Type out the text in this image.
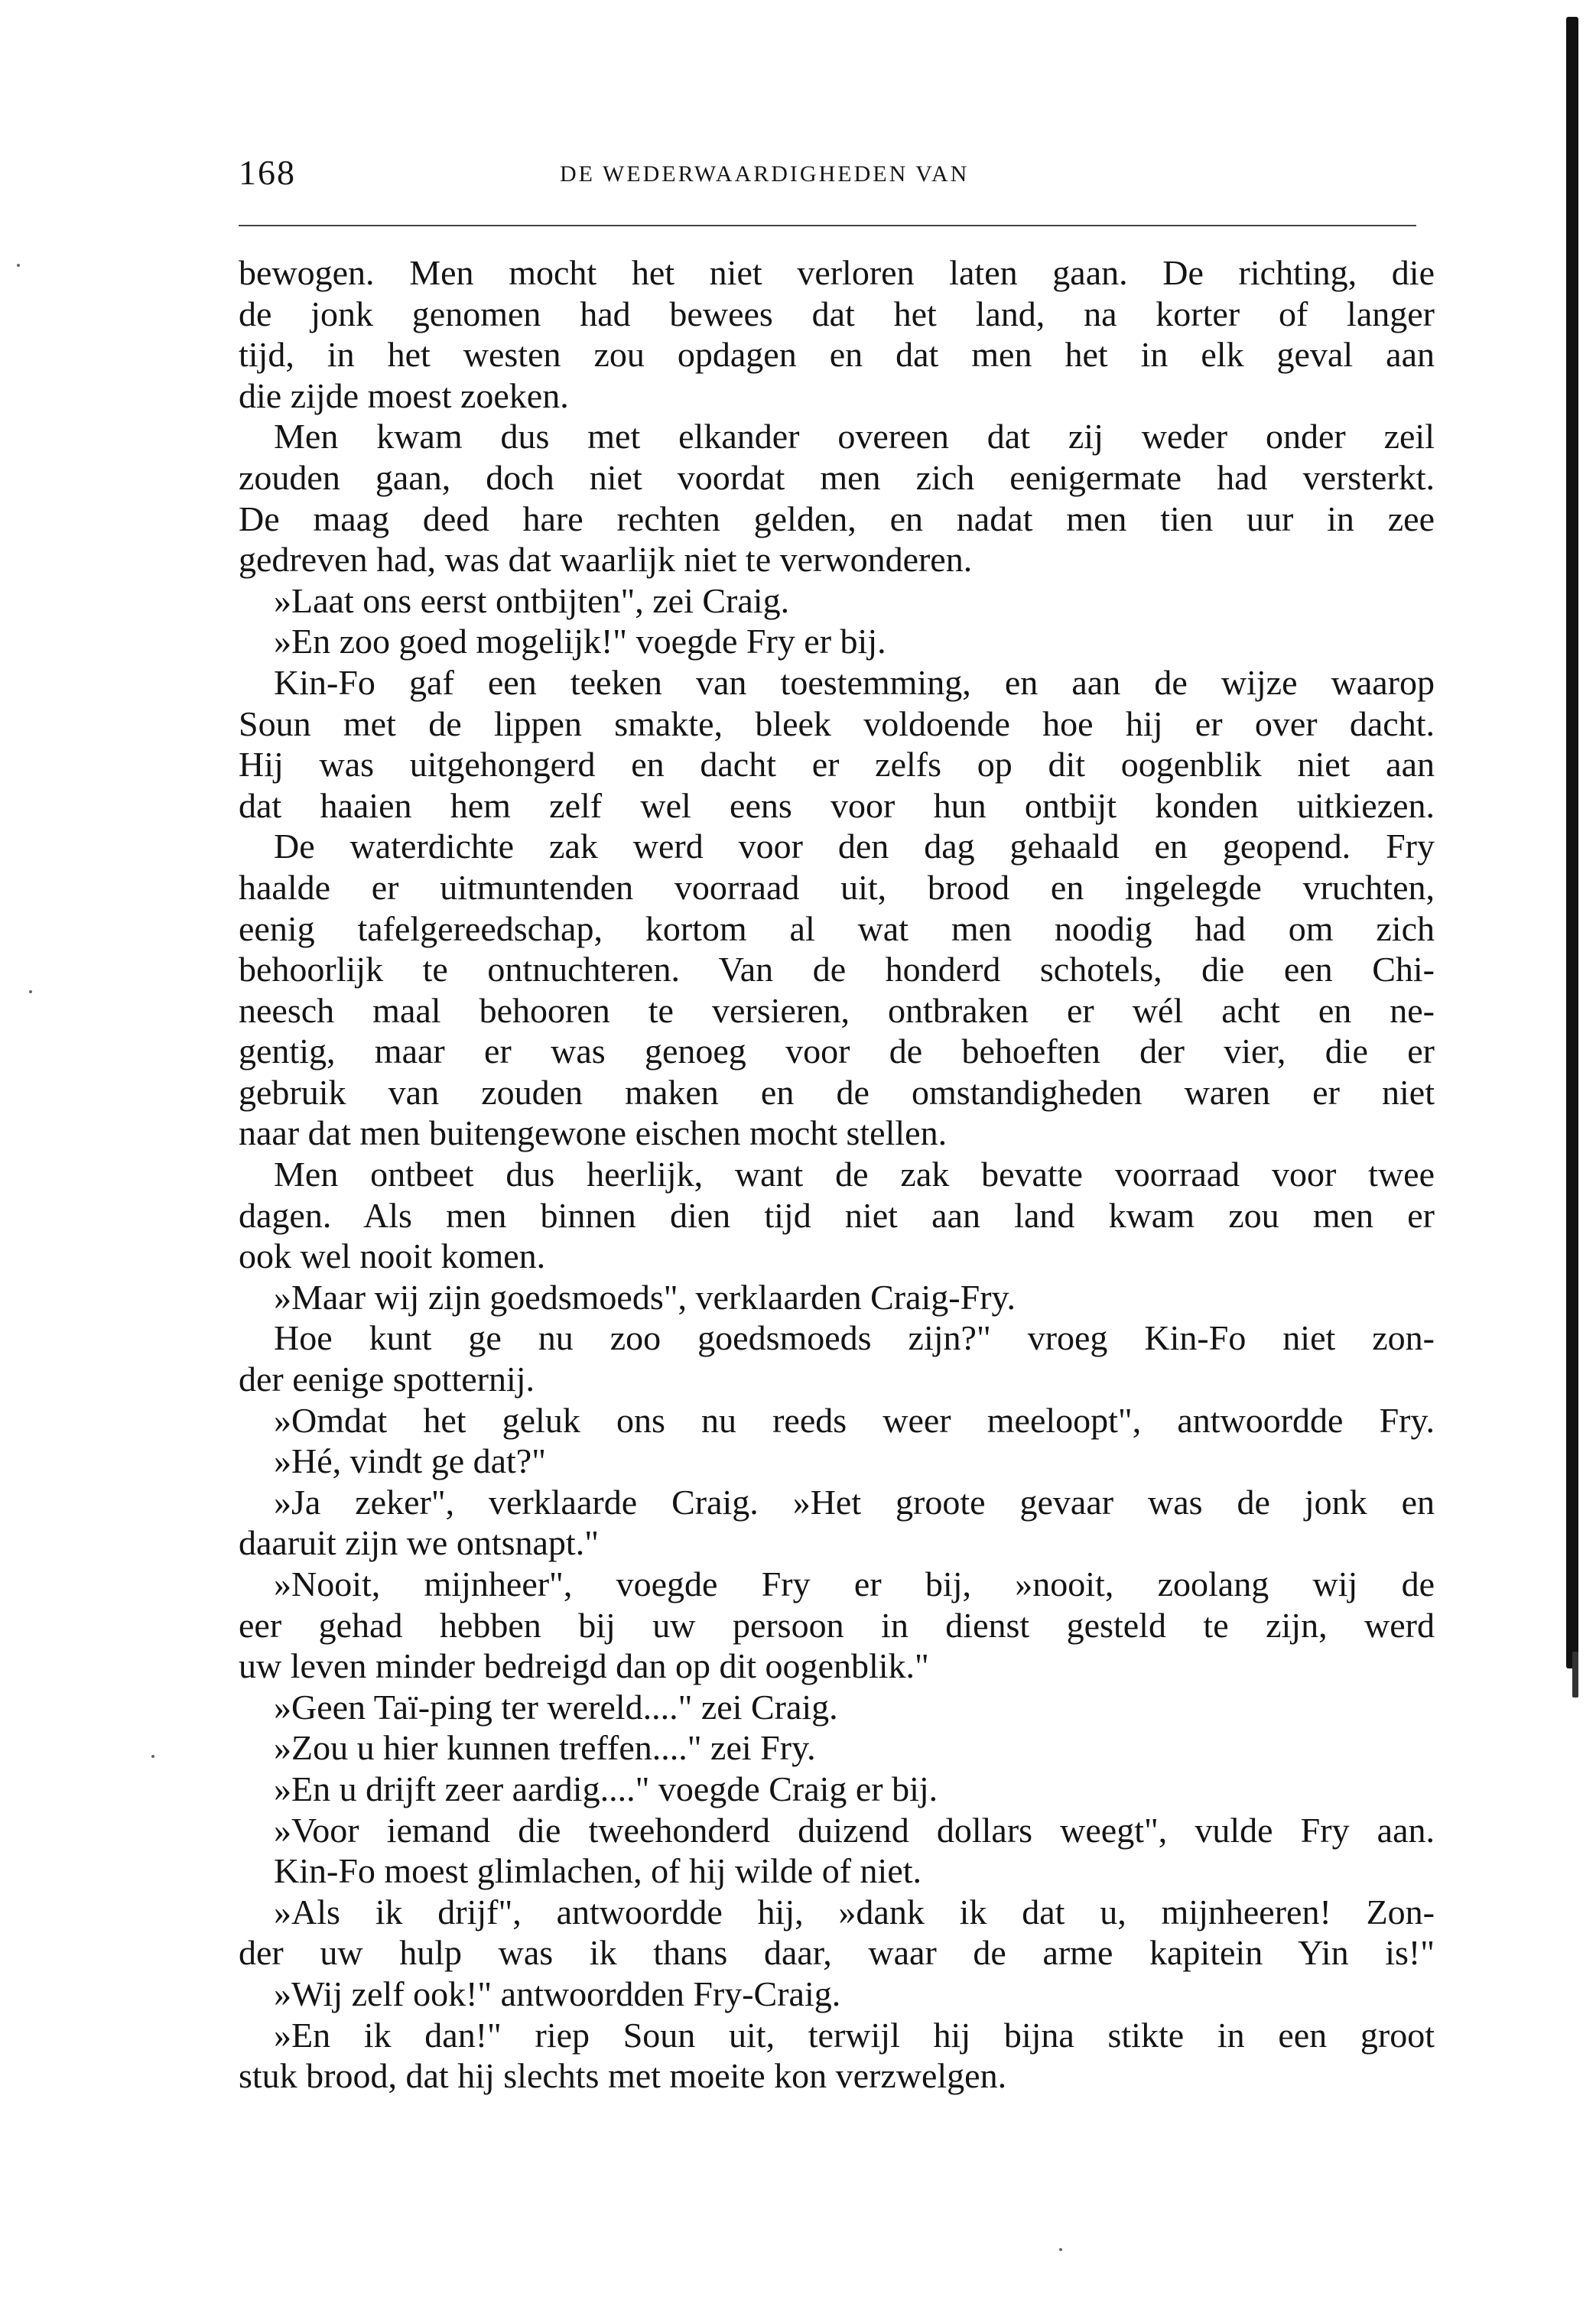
168	DE WEDERWAARDIGHEDEN VAN
bewogen. Men mocht het niet verloren laten gaan. De richting, die
de jonk genomen had bewees dat het land, na korter of langer
tijd, in het westen zou opdagen en dat men het in elk geval aan
die zijde moest zoeken.
Men kwam dus met elkander overeen dat zij weder onder zeil
zouden gaan, doch niet voordat men zich eenigermate had versterkt.
De maag deed hare rechten gelden, en nadat men tien uur in zee
gedreven had, was dat waarlijk niet te verwonderen.
»Laat ons eerst ontbijten", zei Craig.
»En zoo goed mogelijk!" voegde Fry er bij.
Kin-Fo gaf een teeken van toestemming, en aan de wijze waarop
Soun met de lippen smakte, bleek voldoende hoe hij er over dacht.
Hij was uitgehongerd en dacht er zelfs op dit oogenblik niet aan
dat haaien hem zelf wel eens voor hun ontbijt konden uitkiezen.
De waterdichte zak werd voor den dag gehaald en geopend. Fry
haalde er uitmuntenden voorraad uit, brood en ingelegde vruchten,
eenig tafelgereedschap, kortom al wat men noodig had om zich
behoorlijk te ontnuchteren. Van de honderd schotels, die een Chi-
neesch maal behooren te versieren, ontbraken er wél acht en ne-
gentig, maar er was genoeg voor de behoeften der vier, die er
gebruik van zouden maken en de omstandigheden waren er niet
naar dat men buitengewone eischen mocht stellen.
Men ontbeet dus heerlijk, want de zak bevatte voorraad voor twee
dagen. Als men binnen dien tijd niet aan land kwam zou men er
ook wel nooit komen.
»Maar wij zijn goedsmoeds", verklaarden Craig-Fry.
Hoe kunt ge nu zoo goedsmoeds zijn?" vroeg Kin-Fo niet zon-
der eenige spotternij.
»Omdat het geluk ons nu reeds weer meeloopt", antwoordde Fry.
»Hé, vindt ge dat?"
»Ja zeker", verklaarde Craig. »Het groote gevaar was de jonk en
daaruit zijn we ontsnapt."
»Nooit, mijnheer", voegde Fry er bij, »nooit, zoolang wij de
eer gehad hebben bij uw persoon in dienst gesteld te zijn, werd
uw leven minder bedreigd dan op dit oogenblik."
»Geen Taï-ping ter wereld...." zei Craig.
»Zou u hier kunnen treffen...." zei Fry.
»En u drijft zeer aardig...." voegde Craig er bij.
»Voor iemand die tweehonderd duizend dollars weegt", vulde Fry aan.
Kin-Fo moest glimlachen, of hij wilde of niet.
»Als ik drijf", antwoordde hij, »dank ik dat u, mijnheeren! Zon-
der uw hulp was ik thans daar, waar de arme kapitein Yin is!"
»Wij zelf ook!" antwoordden Fry-Craig.
»En ik dan!" riep Soun uit, terwijl hij bijna stikte in een groot
stuk brood, dat hij slechts met moeite kon verzwelgen.
